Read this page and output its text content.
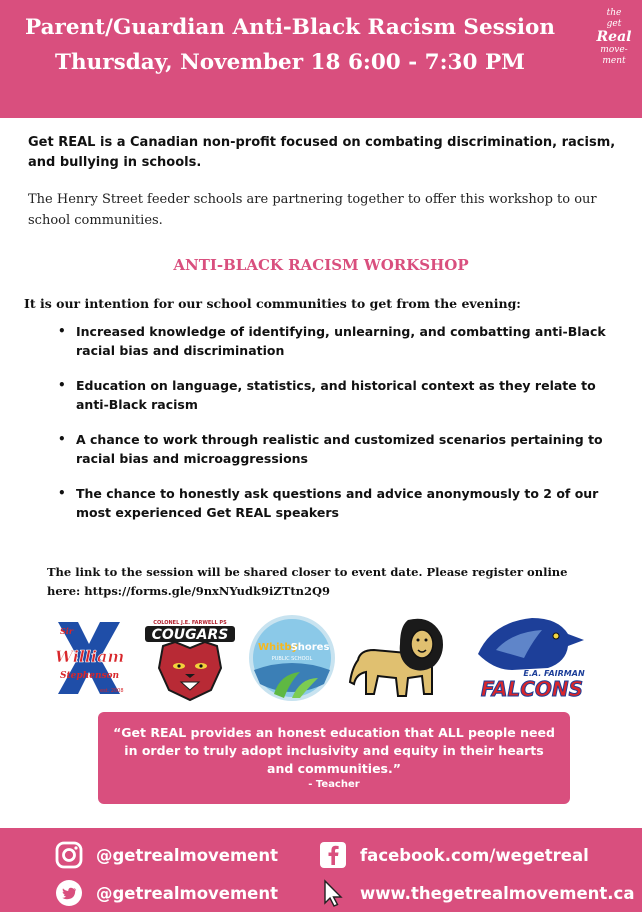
Parent/Guardian Anti-Black Racism Session
Thursday, November 18 6:00 - 7:30 PM
the
get
Real
move-
ment
Get REAL is a Canadian non-profit focused on combating discrimination, racism, and bullying in schools.
The Henry Street feeder schools are partnering together to offer this workshop to our school communities.
ANTI-BLACK RACISM WORKSHOP
It is our intention for our school communities to get from the evening:
• Increased knowledge of identifying, unlearning, and combatting anti-Black racial bias and discrimination
• Education on language, statistics, and historical context as they relate to anti-Black racism
• A chance to work through realistic and customized scenarios pertaining to racial bias and microaggressions
• The chance to honestly ask questions and advice anonymously to 2 of our most experienced Get REAL speakers
The link to the session will be shared closer to event date. Please register online here: https://forms.gle/9nxNYudk9iZTtn2Q9
Sir
William
Stephenson
est. 2008
COLONEL J.E. FARWELL PS
COUGARS
Whitby
Shores
PUBLIC SCHOOL
E.A. FAIRMAN
FALCONS
“Get REAL provides an honest education that ALL people need in order to truly adopt inclusivity and equity in their hearts and communities.”
- Teacher
@getrealmovement	facebook.com/wegetreal
@getrealmovement	www.thegetrealmovement.ca
